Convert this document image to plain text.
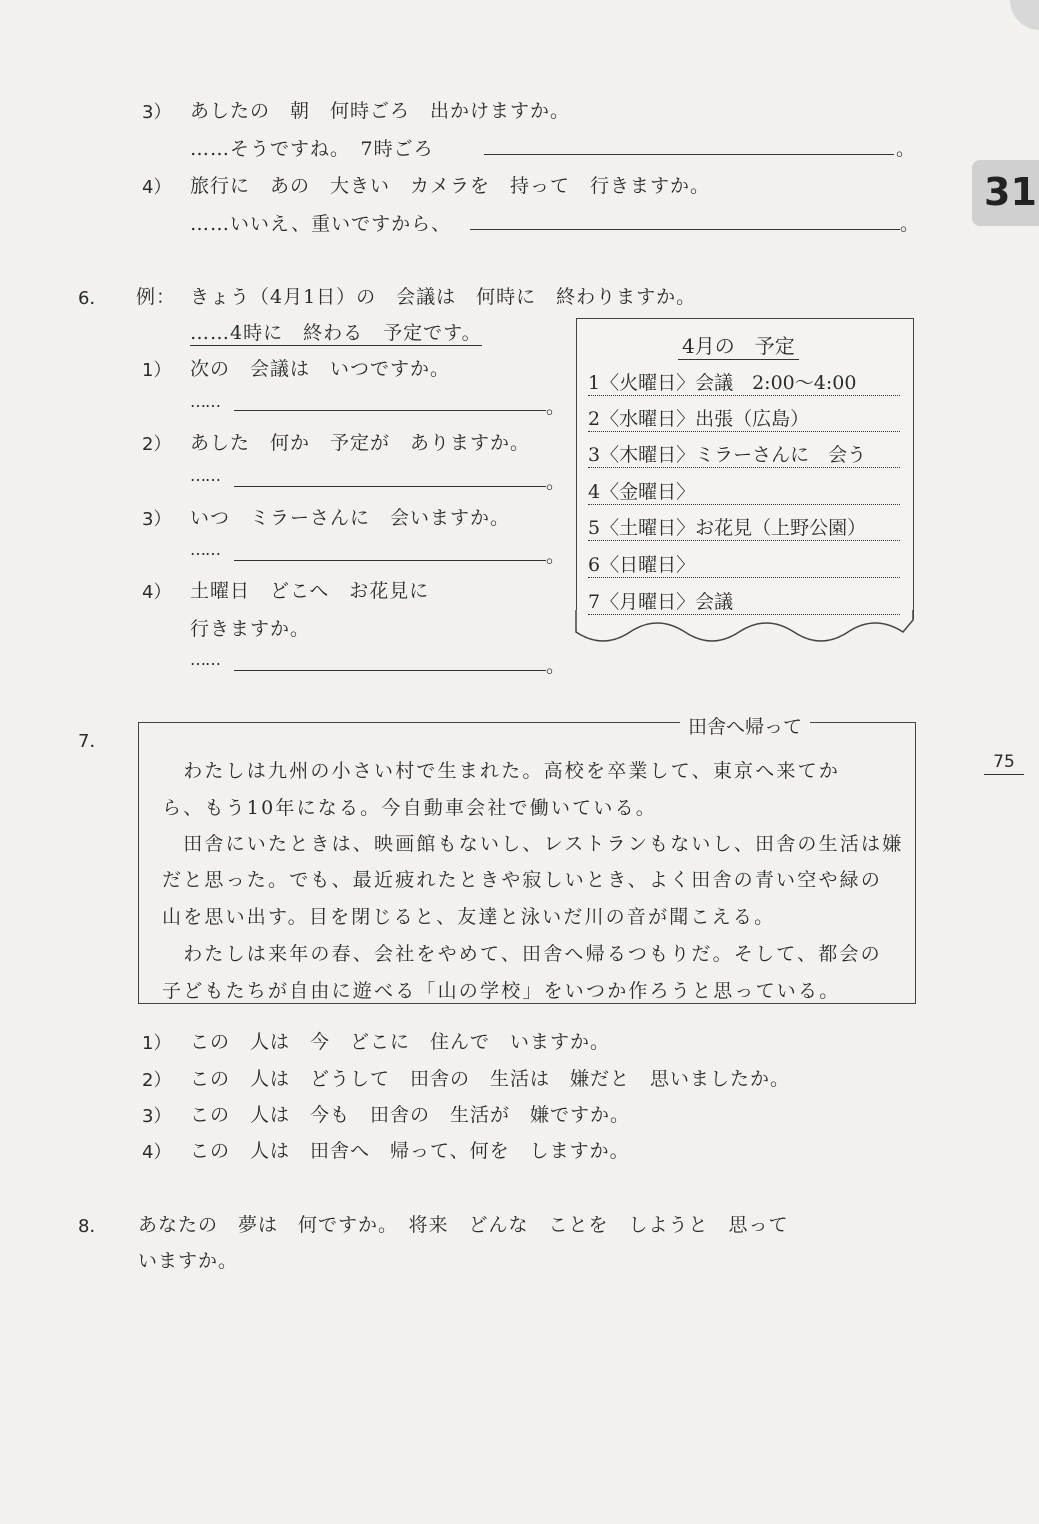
31
75
3） あしたの　朝　何時ごろ　出かけますか。
……そうですね。　7時ごろ	。
4） 旅行に　あの　大きい　カメラを　持って　行きますか。
……いいえ、重いですから、	。
6． 例： きょう（4月1日）の　会議は　何時に　終わりますか。
……4時に　終わる　予定です。
1） 次の　会議は　いつですか。
……	。
2） あした　何か　予定が　ありますか。
……	。
3） いつ　ミラーさんに　会いますか。
……	。
4） 土曜日　どこへ　お花見に
行きますか。
……	。
4月の　予定
1〈火曜日〉会議　2:00～4:00
2〈水曜日〉出張（広島）
3〈木曜日〉ミラーさんに　会う
4〈金曜日〉
5〈土曜日〉お花見（上野公園）
6〈日曜日〉
7〈月曜日〉会議
7．
田舎へ帰って
　わたしは九州の小さい村で生まれた。高校を卒業して、東京へ来てか
ら、もう10年になる。今自動車会社で働いている。
　田舎にいたときは、映画館もないし、レストランもないし、田舎の生活は嫌
だと思った。でも、最近疲れたときや寂しいとき、よく田舎の青い空や緑の
山を思い出す。目を閉じると、友達と泳いだ川の音が聞こえる。
　わたしは来年の春、会社をやめて、田舎へ帰るつもりだ。そして、都会の
子どもたちが自由に遊べる「山の学校」をいつか作ろうと思っている。
1） この　人は　今　どこに　住んで　いますか。
2） この　人は　どうして　田舎の　生活は　嫌だと　思いましたか。
3） この　人は　今も　田舎の　生活が　嫌ですか。
4） この　人は　田舎へ　帰って、何を　しますか。
8． あなたの　夢は　何ですか。　将来　どんな　ことを　しようと　思って
いますか。
